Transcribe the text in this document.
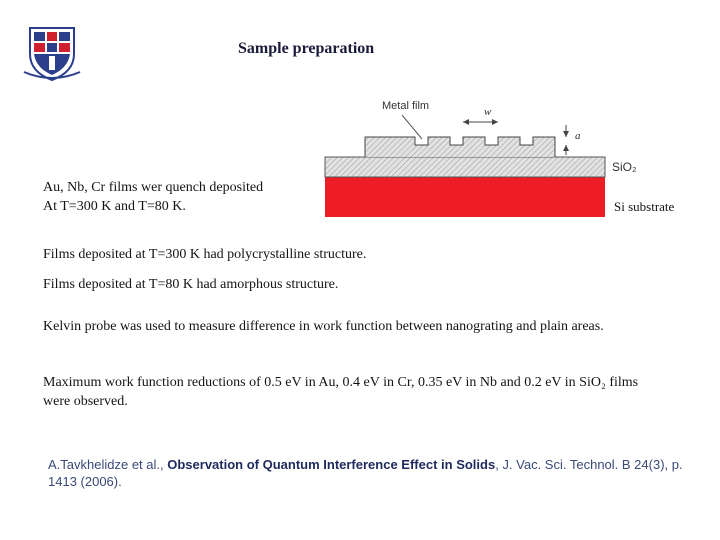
Sample preparation
Metal film	w
a
SiO₂
Si substrate
Au, Nb, Cr films wer quench deposited
At T=300 K and T=80 K.
Films deposited at T=300 K had polycrystalline structure.
Films deposited at T=80 K had amorphous structure.
Kelvin probe was used to measure difference in work function between nanograting and plain areas.
Maximum work function reductions of 0.5 eV in Au, 0.4 eV in Cr, 0.35 eV in Nb and 0.2 eV in SiO₂ films were observed.
A.Tavkhelidze et al., Observation of Quantum Interference Effect in Solids, J. Vac. Sci. Technol. B 24(3), p. 1413 (2006).
